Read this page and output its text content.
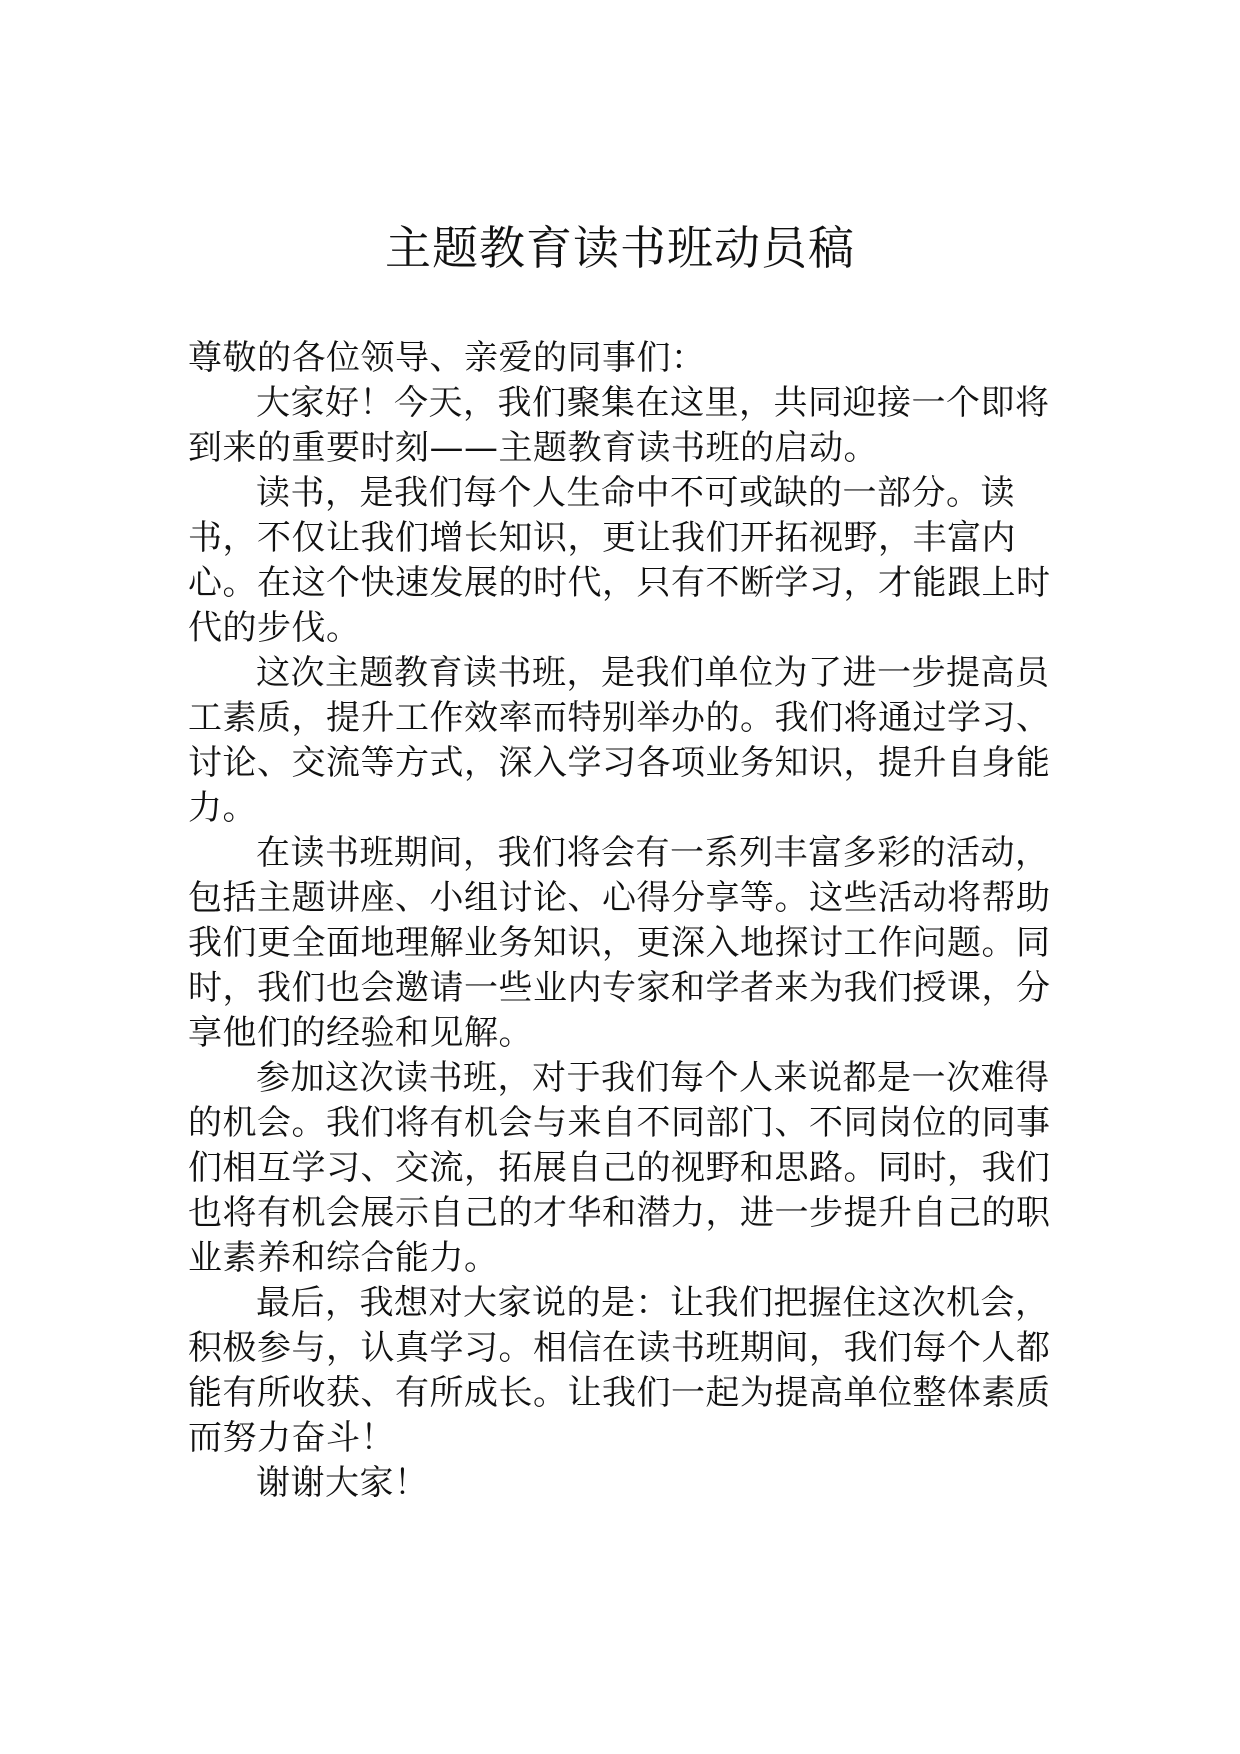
主题教育读书班动员稿

尊敬的各位领导、亲爱的同事们：

大家好！今天，我们聚集在这里，共同迎接一个即将到来的重要时刻——主题教育读书班的启动。

读书，是我们每个人生命中不可或缺的一部分。读书，不仅让我们增长知识，更让我们开拓视野，丰富内心。在这个快速发展的时代，只有不断学习，才能跟上时代的步伐。

这次主题教育读书班，是我们单位为了进一步提高员工素质，提升工作效率而特别举办的。我们将通过学习、讨论、交流等方式，深入学习各项业务知识，提升自身能力。

在读书班期间，我们将会有一系列丰富多彩的活动，包括主题讲座、小组讨论、心得分享等。这些活动将帮助我们更全面地理解业务知识，更深入地探讨工作问题。同时，我们也会邀请一些业内专家和学者来为我们授课，分享他们的经验和见解。

参加这次读书班，对于我们每个人来说都是一次难得的机会。我们将有机会与来自不同部门、不同岗位的同事们相互学习、交流，拓展自己的视野和思路。同时，我们也将有机会展示自己的才华和潜力，进一步提升自己的职业素养和综合能力。

最后，我想对大家说的是：让我们把握住这次机会，积极参与，认真学习。相信在读书班期间，我们每个人都能有所收获、有所成长。让我们一起为提高单位整体素质而努力奋斗！

谢谢大家！
